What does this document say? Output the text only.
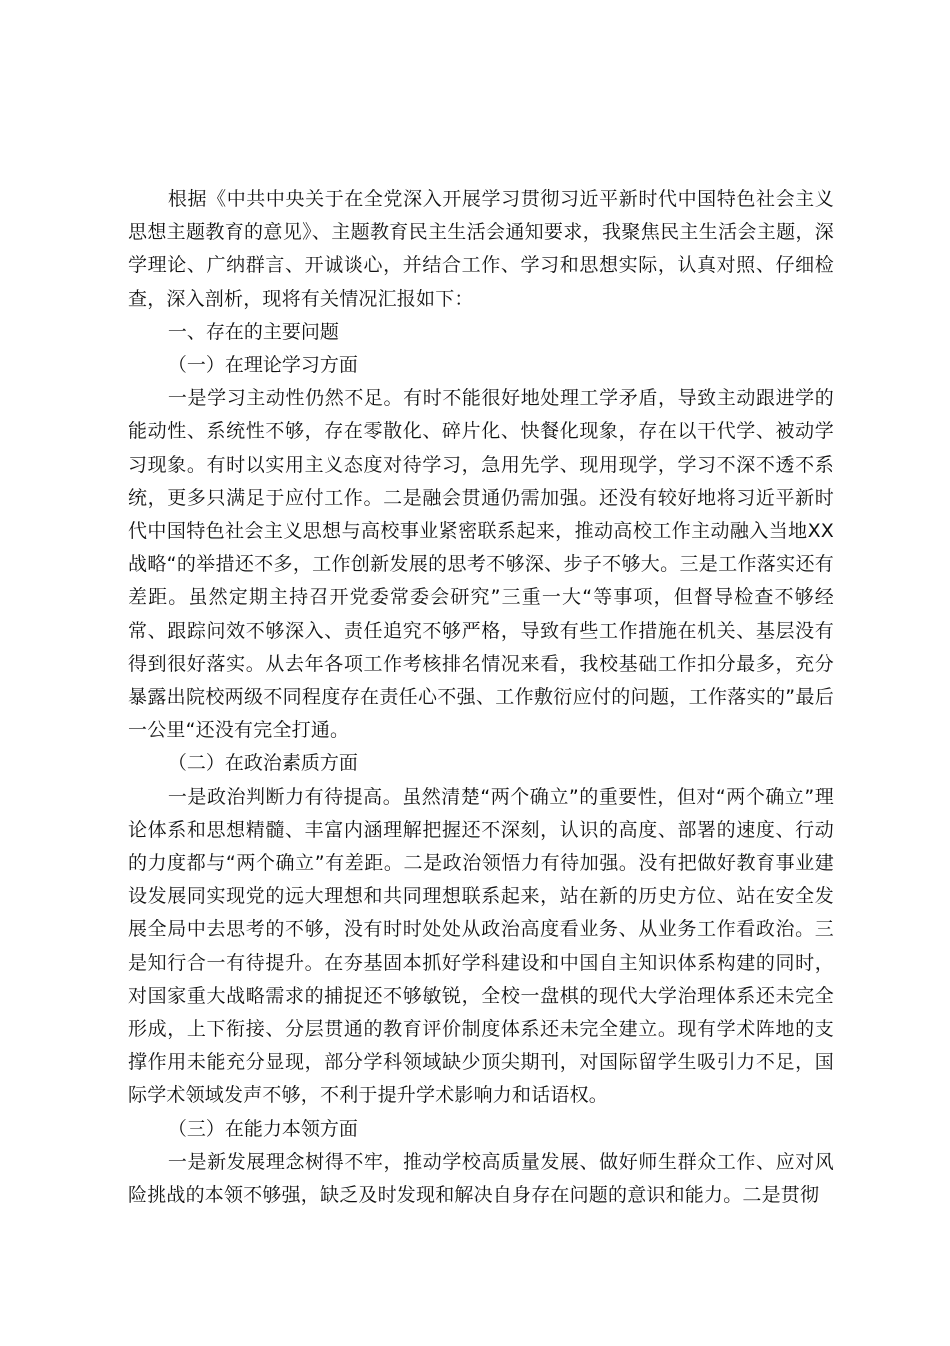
根据《中共中央关于在全党深入开展学习贯彻习近平新时代中国特色社会主义思想主题教育的意见》、主题教育民主生活会通知要求，我聚焦民主生活会主题，深学理论、广纳群言、开诚谈心，并结合工作、学习和思想实际，认真对照、仔细检查，深入剖析，现将有关情况汇报如下：

一、存在的主要问题

（一）在理论学习方面

一是学习主动性仍然不足。有时不能很好地处理工学矛盾，导致主动跟进学的能动性、系统性不够，存在零散化、碎片化、快餐化现象，存在以干代学、被动学习现象。有时以实用主义态度对待学习，急用先学、现用现学，学习不深不透不系统，更多只满足于应付工作。二是融会贯通仍需加强。还没有较好地将习近平新时代中国特色社会主义思想与高校事业紧密联系起来，推动高校工作主动融入当地XX战略“的举措还不多，工作创新发展的思考不够深、步子不够大。三是工作落实还有差距。虽然定期主持召开党委常委会研究”三重一大“等事项，但督导检查不够经常、跟踪问效不够深入、责任追究不够严格，导致有些工作措施在机关、基层没有得到很好落实。从去年各项工作考核排名情况来看，我校基础工作扣分最多，充分暴露出院校两级不同程度存在责任心不强、工作敷衍应付的问题，工作落实的”最后一公里“还没有完全打通。

（二）在政治素质方面

一是政治判断力有待提高。虽然清楚“两个确立”的重要性，但对“两个确立”理论体系和思想精髓、丰富内涵理解把握还不深刻，认识的高度、部署的速度、行动的力度都与“两个确立”有差距。二是政治领悟力有待加强。没有把做好教育事业建设发展同实现党的远大理想和共同理想联系起来，站在新的历史方位、站在安全发展全局中去思考的不够，没有时时处处从政治高度看业务、从业务工作看政治。三是知行合一有待提升。在夯基固本抓好学科建设和中国自主知识体系构建的同时，对国家重大战略需求的捕捉还不够敏锐，全校一盘棋的现代大学治理体系还未完全形成，上下衔接、分层贯通的教育评价制度体系还未完全建立。现有学术阵地的支撑作用未能充分显现，部分学科领域缺少顶尖期刊，对国际留学生吸引力不足，国际学术领域发声不够，不利于提升学术影响力和话语权。

（三）在能力本领方面

一是新发展理念树得不牢，推动学校高质量发展、做好师生群众工作、应对风险挑战的本领不够强，缺乏及时发现和解决自身存在问题的意识和能力。二是贯彻
